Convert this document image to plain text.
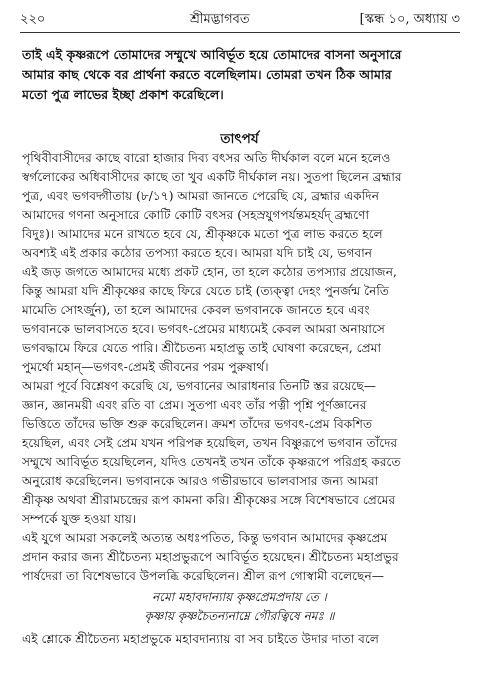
২২০	শ্রীমদ্ভাগবত	[স্কন্ধ ১০, অধ্যায় ৩
তাই এই কৃষ্ণরূপে তোমাদের সম্মুখে আবির্ভূত হয়ে তোমাদের বাসনা অনুসারে
আমার কাছ থেকে বর প্রার্থনা করতে বলেছিলাম। তোমরা তখন ঠিক আমার
মতো পুত্র লাভের ইচ্ছা প্রকাশ করেছিলে।
তাৎপর্য
পৃথিবীবাসীদের কাছে বারো হাজার দিব্য বৎসর অতি দীর্ঘকাল বলে মনে হলেও
স্বর্গলোকের অধিবাসীদের কাছে তা খুব একটি দীর্ঘকাল নয়। সুতপা ছিলেন ব্রহ্মার
পুত্র, এবং ভগবদ্গীতায় (৮/১৭) আমরা জানতে পেরেছি যে, ব্রহ্মার একদিন
আমাদের গণনা অনুসারে কোটি কোটি বৎসর (সহস্রযুগপর্যন্তমহর্যদ্ ব্রহ্মণো
বিদুঃ)। আমাদের মনে রাখতে হবে যে, শ্রীকৃষ্ণকে মতো পুত্র লাভ করতে হলে
অবশ্যই এই প্রকার কঠোর তপস্যা করতে হবে। আমরা যদি চাই যে, ভগবান
এই জড় জগতে আমাদের মধ্যে প্রকট হোন, তা হলে কঠোর তপস্যার প্রয়োজন,
কিন্তু আমরা যদি শ্রীকৃষ্ণের কাছে ফিরে যেতে চাই (ত্যক্ত্বা দেহং পুনর্জন্ম নৈতি
মামেতি সোঽর্জুন), তা হলে আমাদের কেবল ভগবানকে জানতে হবে এবং
ভগবানকে ভালবাসতে হবে। ভগবৎ-প্রেমের মাধ্যমেই কেবল আমরা অনায়াসে
ভগবদ্ধামে ফিরে যেতে পারি। শ্রীচৈতন্য মহাপ্রভু তাই ঘোষণা করেছেন, প্রেমা
পুমর্থো মহান্—ভগবৎ-প্রেমই জীবনের পরম পুরুষার্থ।
আমরা পূর্বে বিশ্লেষণ করেছি যে, ভগবানের আরাধনার তিনটি স্তর রয়েছে—
জ্ঞান, জ্ঞানময়ী এবং রতি বা প্রেম। সুতপা এবং তাঁর পত্নী পৃশ্নি পূর্ণজ্ঞানের
ভিত্তিতে তাঁদের ভক্তি শুরু করেছিলেন। ক্রমশ তাঁদের ভগবৎ-প্রেম বিকশিত
হয়েছিল, এবং সেই প্রেম যখন পরিপক্ব হয়েছিল, তখন বিষ্ণুরূপে ভগবান তাঁদের
সম্মুখে আবির্ভূত হয়েছিলেন, যদিও তেখনই তখন তাঁকে কৃষ্ণরূপে পরিগ্রহ করতে
অনুরোধ করেছিলেন। ভগবানকে আরও গভীরভাবে ভালবাসার জন্য আমরা
শ্রীকৃষ্ণ অথবা শ্রীরামচন্দ্রের রূপ কামনা করি। শ্রীকৃষ্ণের সঙ্গে বিশেষভাবে প্রেমের
সম্পর্কে যুক্ত হওয়া যায়।
এই যুগে আমরা সকলেই অত্যন্ত অধঃপতিত, কিন্তু ভগবান আমাদের কৃষ্ণপ্রেম
প্রদান করার জন্য শ্রীচৈতন্য মহাপ্রভুরূপে আবির্ভূত হয়েছেন। শ্রীচৈতন্য মহাপ্রভুর
পার্ষদেরা তা বিশেষভাবে উপলব্ধি করেছিলেন। শ্রীল রূপ গোস্বামী বলেছেন—
নমো মহাবদান্যায় কৃষ্ণপ্রেমপ্রদায় তে ।
কৃষ্ণায় কৃষ্ণচৈতন্যনাম্নে গৌরত্বিষে নমঃ ॥
এই শ্লোকে শ্রীচৈতন্য মহাপ্রভুকে মহাবদান্যায় বা সব চাইতে উদার দাতা বলে
